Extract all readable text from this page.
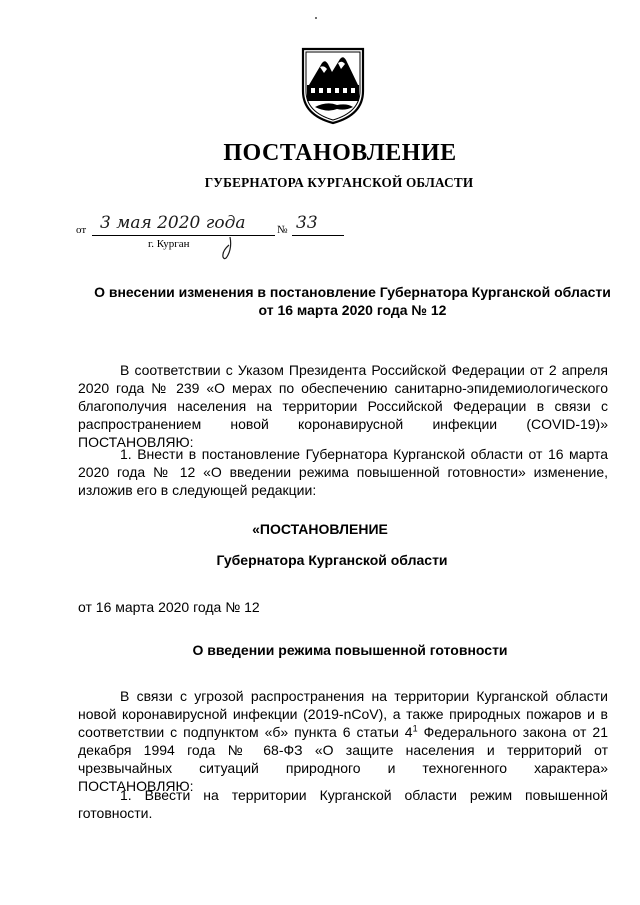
ПОСТАНОВЛЕНИЕ
ГУБЕРНАТОРА КУРГАНСКОЙ ОБЛАСТИ
от 3 мая 2020 года	№ 33
г. Курган
О внесении изменения в постановление Губернатора Курганской области
от 16 марта 2020 года № 12
В соответствии с Указом Президента Российской Федерации от 2 апреля 2020 года № 239 «О мерах по обеспечению санитарно-эпидемиологического благополучия населения на территории Российской Федерации в связи с распространением новой коронавирусной инфекции (COVID-19)» ПОСТАНОВЛЯЮ:
1. Внести в постановление Губернатора Курганской области от 16 марта 2020 года № 12 «О введении режима повышенной готовности» изменение, изложив его в следующей редакции:
«ПОСТАНОВЛЕНИЕ
Губернатора Курганской области
от 16 марта 2020 года № 12
О введении режима повышенной готовности
В связи с угрозой распространения на территории Курганской области новой коронавирусной инфекции (2019-nCoV), а также природных пожаров и в соответствии с подпунктом «б» пункта 6 статьи $4^1$ Федерального закона от 21 декабря 1994 года № 68-ФЗ «О защите населения и территорий от чрезвычайных ситуаций природного и техногенного характера» ПОСТАНОВЛЯЮ:
1. Ввести на территории Курганской области режим повышенной готовности.
